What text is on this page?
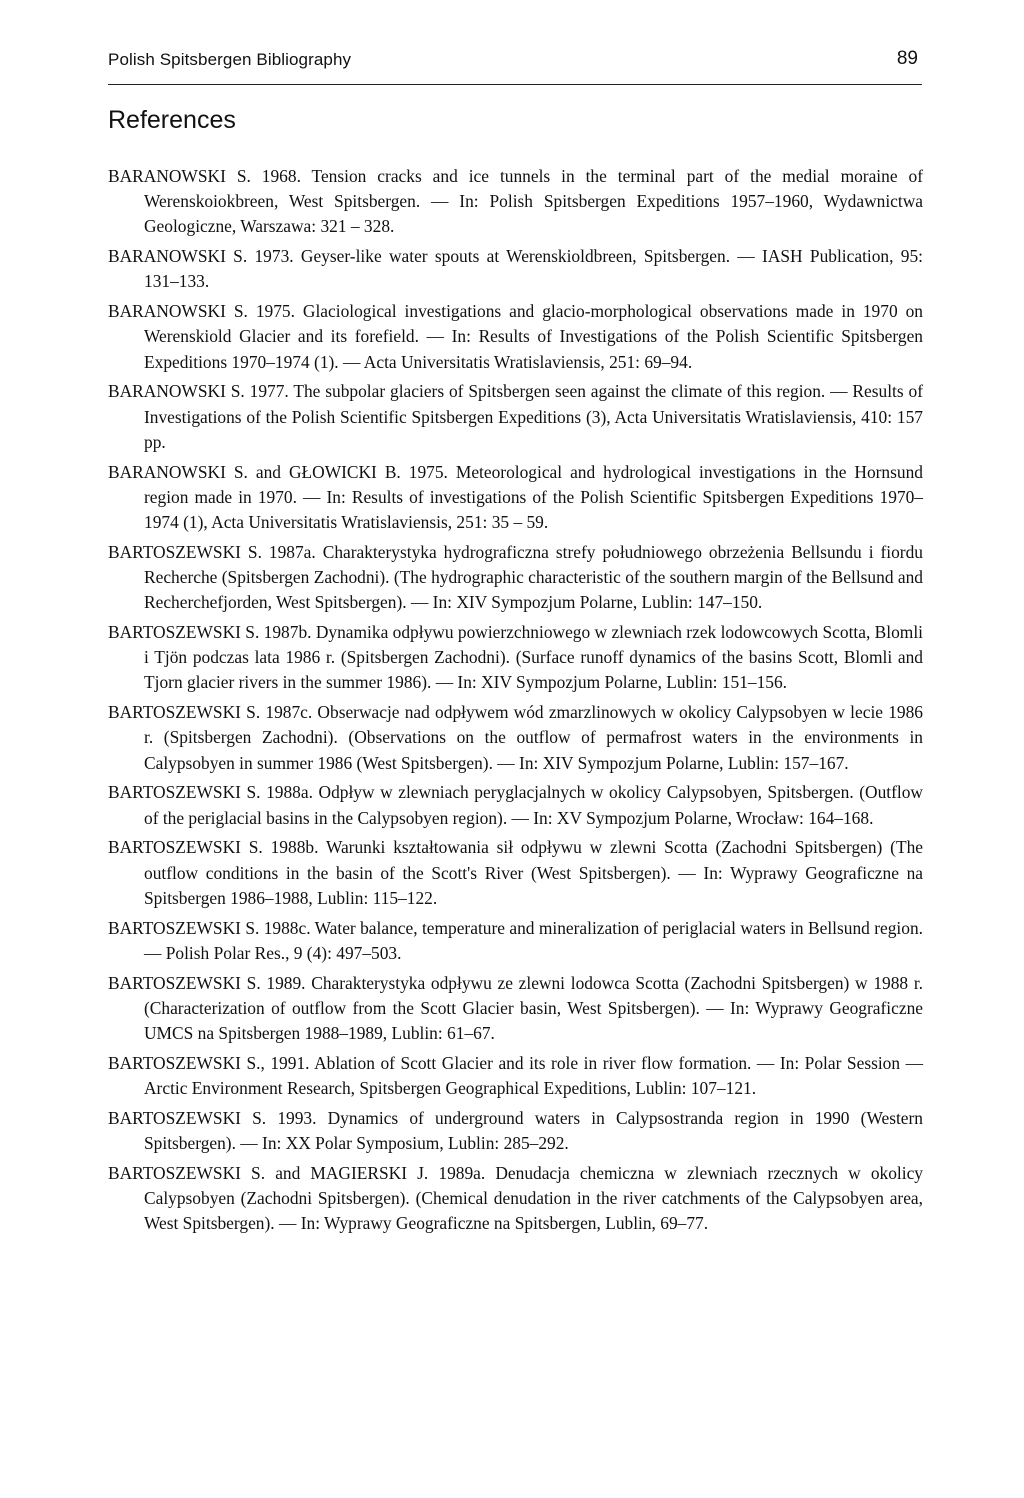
Polish Spitsbergen Bibliography	89
References
BARANOWSKI S. 1968. Tension cracks and ice tunnels in the terminal part of the medial moraine of Werenskoiokbreen, West Spitsbergen. — In: Polish Spitsbergen Expeditions 1957–1960, Wydawnictwa Geologiczne, Warszawa: 321 – 328.
BARANOWSKI S. 1973. Geyser-like water spouts at Werenskioldbreen, Spitsbergen. — IASH Publication, 95: 131–133.
BARANOWSKI S. 1975. Glaciological investigations and glacio-morphological observations made in 1970 on Werenskiold Glacier and its forefield. — In: Results of Investigations of the Polish Scientific Spitsbergen Expeditions 1970–1974 (1). — Acta Universitatis Wratislaviensis, 251: 69–94.
BARANOWSKI S. 1977. The subpolar glaciers of Spitsbergen seen against the climate of this region. — Results of Investigations of the Polish Scientific Spitsbergen Expeditions (3), Acta Universitatis Wratislaviensis, 410: 157 pp.
BARANOWSKI S. and GŁOWICKI B. 1975. Meteorological and hydrological investigations in the Hornsund region made in 1970. — In: Results of investigations of the Polish Scientific Spitsbergen Expeditions 1970–1974 (1), Acta Universitatis Wratislaviensis, 251: 35 – 59.
BARTOSZEWSKI S. 1987a. Charakterystyka hydrograficzna strefy południowego obrzeżenia Bellsundu i fiordu Recherche (Spitsbergen Zachodni). (The hydrographic characteristic of the southern margin of the Bellsund and Recherchefjorden, West Spitsbergen). — In: XIV Sympozjum Polarne, Lublin: 147–150.
BARTOSZEWSKI S. 1987b. Dynamika odpływu powierzchniowego w zlewniach rzek lodowcowych Scotta, Blomli i Tjön podczas lata 1986 r. (Spitsbergen Zachodni). (Surface runoff dynamics of the basins Scott, Blomli and Tjorn glacier rivers in the summer 1986). — In: XIV Sympozjum Polarne, Lublin: 151–156.
BARTOSZEWSKI S. 1987c. Obserwacje nad odpływem wód zmarzlinowych w okolicy Calypsobyen w lecie 1986 r. (Spitsbergen Zachodni). (Observations on the outflow of permafrost waters in the environments in Calypsobyen in summer 1986 (West Spitsbergen). — In: XIV Sympozjum Polarne, Lublin: 157–167.
BARTOSZEWSKI S. 1988a. Odpływ w zlewniach peryglacjalnych w okolicy Calypsobyen, Spitsbergen. (Outflow of the periglacial basins in the Calypsobyen region). — In: XV Sympozjum Polarne, Wrocław: 164–168.
BARTOSZEWSKI S. 1988b. Warunki kształtowania sił odpływu w zlewni Scotta (Zachodni Spitsbergen) (The outflow conditions in the basin of the Scott's River (West Spitsbergen). — In: Wyprawy Geograficzne na Spitsbergen 1986–1988, Lublin: 115–122.
BARTOSZEWSKI S. 1988c. Water balance, temperature and mineralization of periglacial waters in Bellsund region. — Polish Polar Res., 9 (4): 497–503.
BARTOSZEWSKI S. 1989. Charakterystyka odpływu ze zlewni lodowca Scotta (Zachodni Spitsbergen) w 1988 r. (Characterization of outflow from the Scott Glacier basin, West Spitsbergen). — In: Wyprawy Geograficzne UMCS na Spitsbergen 1988–1989, Lublin: 61–67.
BARTOSZEWSKI S., 1991. Ablation of Scott Glacier and its role in river flow formation. — In: Polar Session — Arctic Environment Research, Spitsbergen Geographical Expeditions, Lublin: 107–121.
BARTOSZEWSKI S. 1993. Dynamics of underground waters in Calypsostranda region in 1990 (Western Spitsbergen). — In: XX Polar Symposium, Lublin: 285–292.
BARTOSZEWSKI S. and MAGIERSKI J. 1989a. Denudacja chemiczna w zlewniach rzecznych w okolicy Calypsobyen (Zachodni Spitsbergen). (Chemical denudation in the river catchments of the Calypsobyen area, West Spitsbergen). — In: Wyprawy Geograficzne na Spitsbergen, Lublin, 69–77.
